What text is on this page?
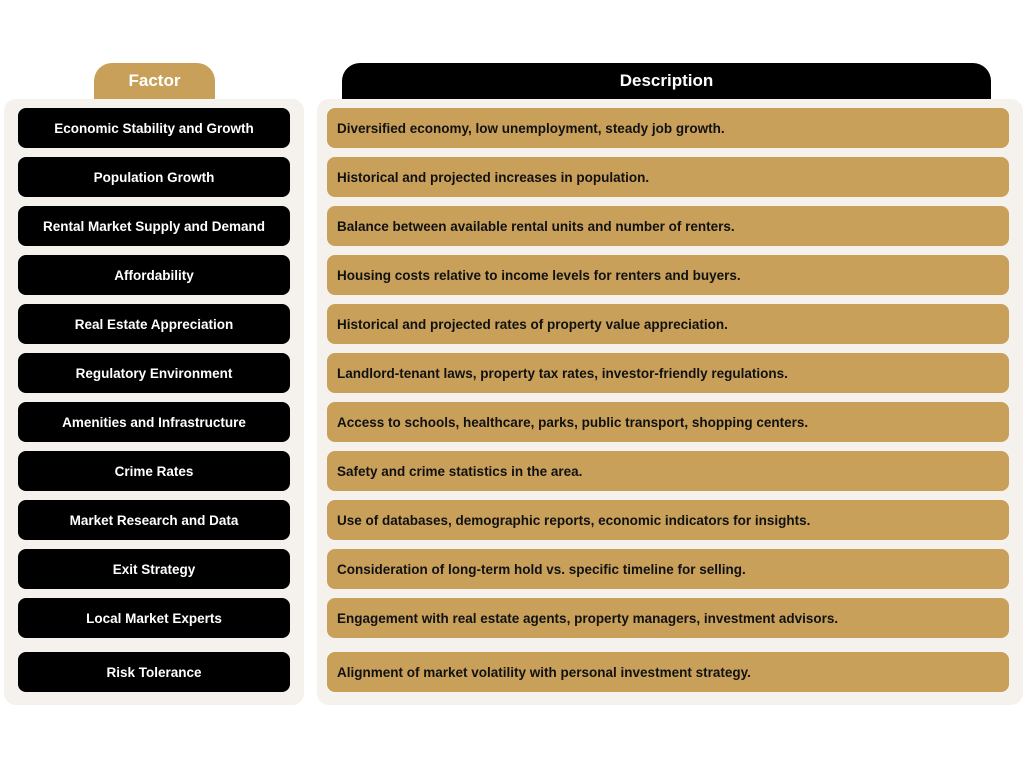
Factor	Description
Economic Stability and Growth	Diversified economy, low unemployment, steady job growth.
Population Growth	Historical and projected increases in population.
Rental Market Supply and Demand	Balance between available rental units and number of renters.
Affordability	Housing costs relative to income levels for renters and buyers.
Real Estate Appreciation	Historical and projected rates of property value appreciation.
Regulatory Environment	Landlord-tenant laws, property tax rates, investor-friendly regulations.
Amenities and Infrastructure	Access to schools, healthcare, parks, public transport, shopping centers.
Crime Rates	Safety and crime statistics in the area.
Market Research and Data	Use of databases, demographic reports, economic indicators for insights.
Exit Strategy	Consideration of long-term hold vs. specific timeline for selling.
Local Market Experts	Engagement with real estate agents, property managers, investment advisors.
Risk Tolerance	Alignment of market volatility with personal investment strategy.
